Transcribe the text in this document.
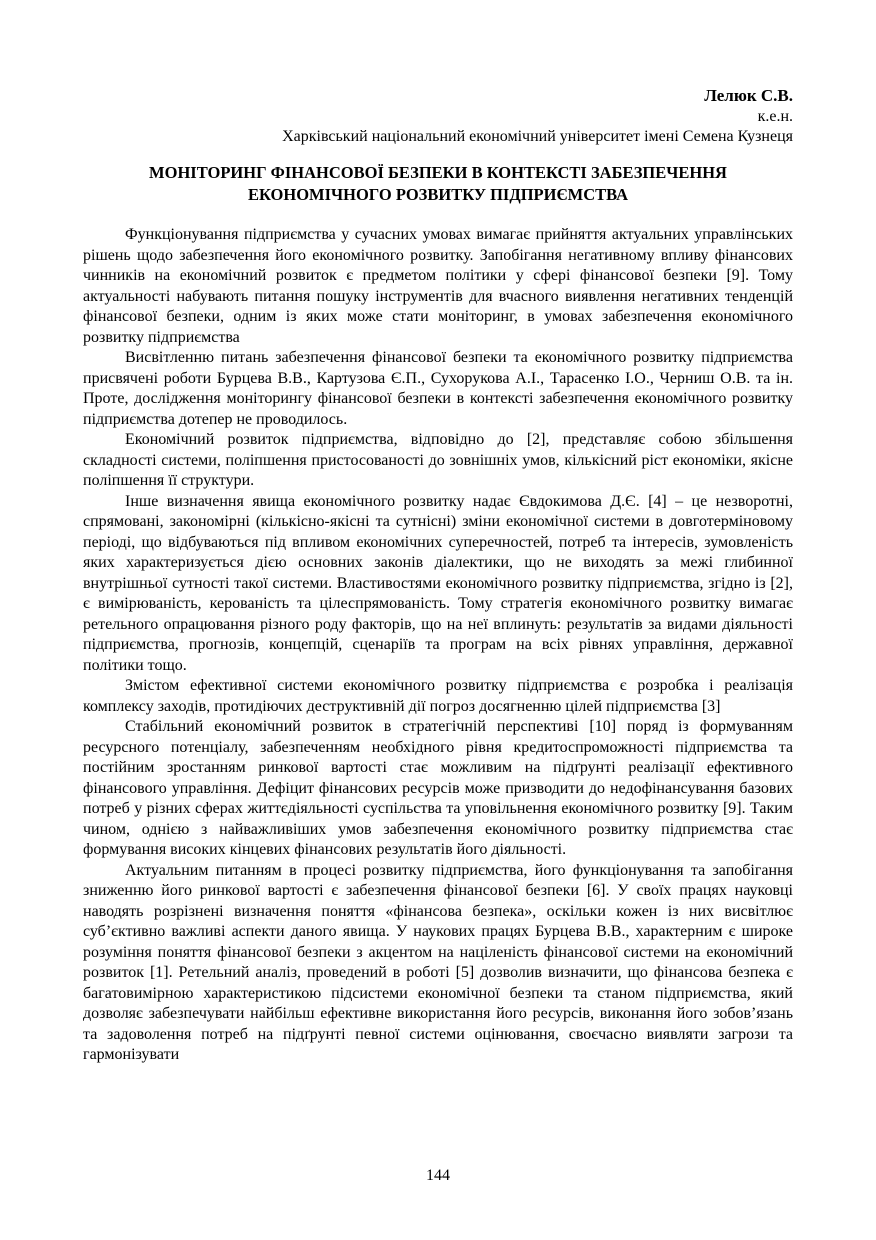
Лелюк С.В.
к.е.н.
Харківський національний економічний університет імені Семена Кузнеця
МОНІТОРИНГ ФІНАНСОВОЇ БЕЗПЕКИ В КОНТЕКСТІ ЗАБЕЗПЕЧЕННЯ
ЕКОНОМІЧНОГО РОЗВИТКУ ПІДПРИЄМСТВА

Функціонування підприємства у сучасних умовах вимагає прийняття актуальних управлінських рішень щодо забезпечення його економічного розвитку. Запобігання негативному впливу фінансових чинників на економічний розвиток є предметом політики у сфері фінансової безпеки [9]. Тому актуальності набувають питання пошуку інструментів для вчасного виявлення негативних тенденцій фінансової безпеки, одним із яких може стати моніторинг, в умовах забезпечення економічного розвитку підприємства

Висвітленню питань забезпечення фінансової безпеки та економічного розвитку підприємства присвячені роботи Бурцева В.В., Картузова Є.П., Сухорукова А.І., Тарасенко І.О., Черниш О.В. та ін. Проте, дослідження моніторингу фінансової безпеки в контексті забезпечення економічного розвитку підприємства дотепер не проводилось.

Економічний розвиток підприємства, відповідно до [2], представляє собою збільшення складності системи, поліпшення пристосованості до зовнішніх умов, кількісний ріст економіки, якісне поліпшення її структури.

Інше визначення явища економічного розвитку надає Євдокимова Д.Є. [4] – це незворотні, спрямовані, закономірні (кількісно-якісні та сутнісні) зміни економічної системи в довготерміновому періоді, що відбуваються під впливом економічних суперечностей, потреб та інтересів, зумовленість яких характеризується дією основних законів діалектики, що не виходять за межі глибинної внутрішньої сутності такої системи. Властивостями економічного розвитку підприємства, згідно із [2], є вимірюваність, керованість та цілеспрямованість. Тому стратегія економічного розвитку вимагає ретельного опрацювання різного роду факторів, що на неї вплинуть: результатів за видами діяльності підприємства, прогнозів, концепцій, сценаріїв та програм на всіх рівнях управління, державної політики тощо.

Змістом ефективної системи економічного розвитку підприємства є розробка і реалізація комплексу заходів, протидіючих деструктивній дії погроз досягненню цілей підприємства [3]

Стабільний економічний розвиток в стратегічній перспективі [10] поряд із формуванням ресурсного потенціалу, забезпеченням необхідного рівня кредитоспроможності підприємства та постійним зростанням ринкової вартості стає можливим на підґрунті реалізації ефективного фінансового управління. Дефіцит фінансових ресурсів може призводити до недофінансування базових потреб у різних сферах життєдіяльності суспільства та уповільнення економічного розвитку [9]. Таким чином, однією з найважливіших умов забезпечення економічного розвитку підприємства стає формування високих кінцевих фінансових результатів його діяльності.

Актуальним питанням в процесі розвитку підприємства, його функціонування та запобігання зниженню його ринкової вартості є забезпечення фінансової безпеки [6]. У своїх працях науковці наводять розрізнені визначення поняття «фінансова безпека», оскільки кожен із них висвітлює суб’єктивно важливі аспекти даного явища. У наукових працях Бурцева В.В., характерним є широке розуміння поняття фінансової безпеки з акцентом на націленість фінансової системи на економічний розвиток [1]. Ретельний аналіз, проведений в роботі [5] дозволив визначити, що фінансова безпека є багатовимірною характеристикою підсистеми економічної безпеки та станом підприємства, який дозволяє забезпечувати найбільш ефективне використання його ресурсів, виконання його зобов’язань та задоволення потреб на підґрунті певної системи оцінювання, своєчасно виявляти загрози та гармонізувати

144
